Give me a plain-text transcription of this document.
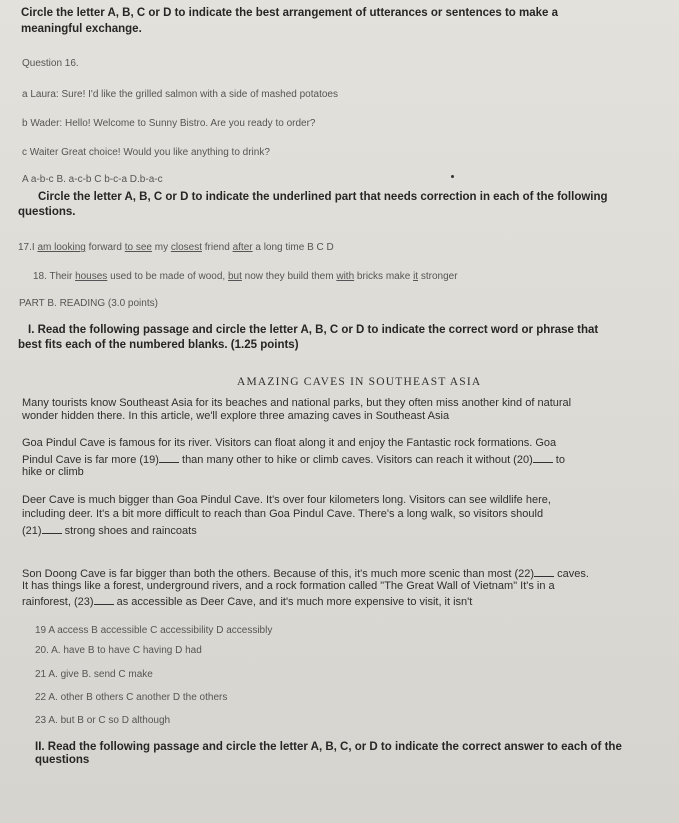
Circle the letter A, B, C or D to indicate the best arrangement of utterances or sentences to make a
meaningful exchange.
Question 16.
a Laura: Sure! I'd like the grilled salmon with a side of mashed potatoes
b Wader: Hello! Welcome to Sunny Bistro. Are you ready to order?
c Waiter Great choice! Would you like anything to drink?
A a-b-c B. a-c-b C b-c-a D.b-a-c
Circle the letter A, B, C or D to indicate the underlined part that needs correction in each of the following
questions.
17.I am looking forward to see my closest friend after a long time B C D
18. Their houses used to be made of wood, but now they build them with bricks make it stronger
PART B. READING (3.0 points)
I. Read the following passage and circle the letter A, B, C or D to indicate the correct word or phrase that
best fits each of the numbered blanks. (1.25 points)
AMAZING CAVES IN SOUTHEAST ASIA
Many tourists know Southeast Asia for its beaches and national parks, but they often miss another kind of natural
wonder hidden there. In this article, we'll explore three amazing caves in Southeast Asia
Goa Pindul Cave is famous for its river. Visitors can float along it and enjoy the Fantastic rock formations. Goa
Pindul Cave is far more (19) than many other to hike or climb caves. Visitors can reach it without (20) to
hike or climb
Deer Cave is much bigger than Goa Pindul Cave. It's over four kilometers long. Visitors can see wildlife here,
including deer. It's a bit more difficult to reach than Goa Pindul Cave. There's a long walk, so visitors should
(21) strong shoes and raincoats
Son Doong Cave is far bigger than both the others. Because of this, it's much more scenic than most (22) caves.
It has things like a forest, underground rivers, and a rock formation called "The Great Wall of Vietnam" It's in a
rainforest, (23) as accessible as Deer Cave, and it's much more expensive to visit, it isn't
19 A access B accessible C accessibility D accessibly
20. A. have B to have C having D had
21 A. give B. send C make
22 A. other B others C another D the others
23 A. but B or C so D although
II. Read the following passage and circle the letter A, B, C, or D to indicate the correct answer to each of the
questions
